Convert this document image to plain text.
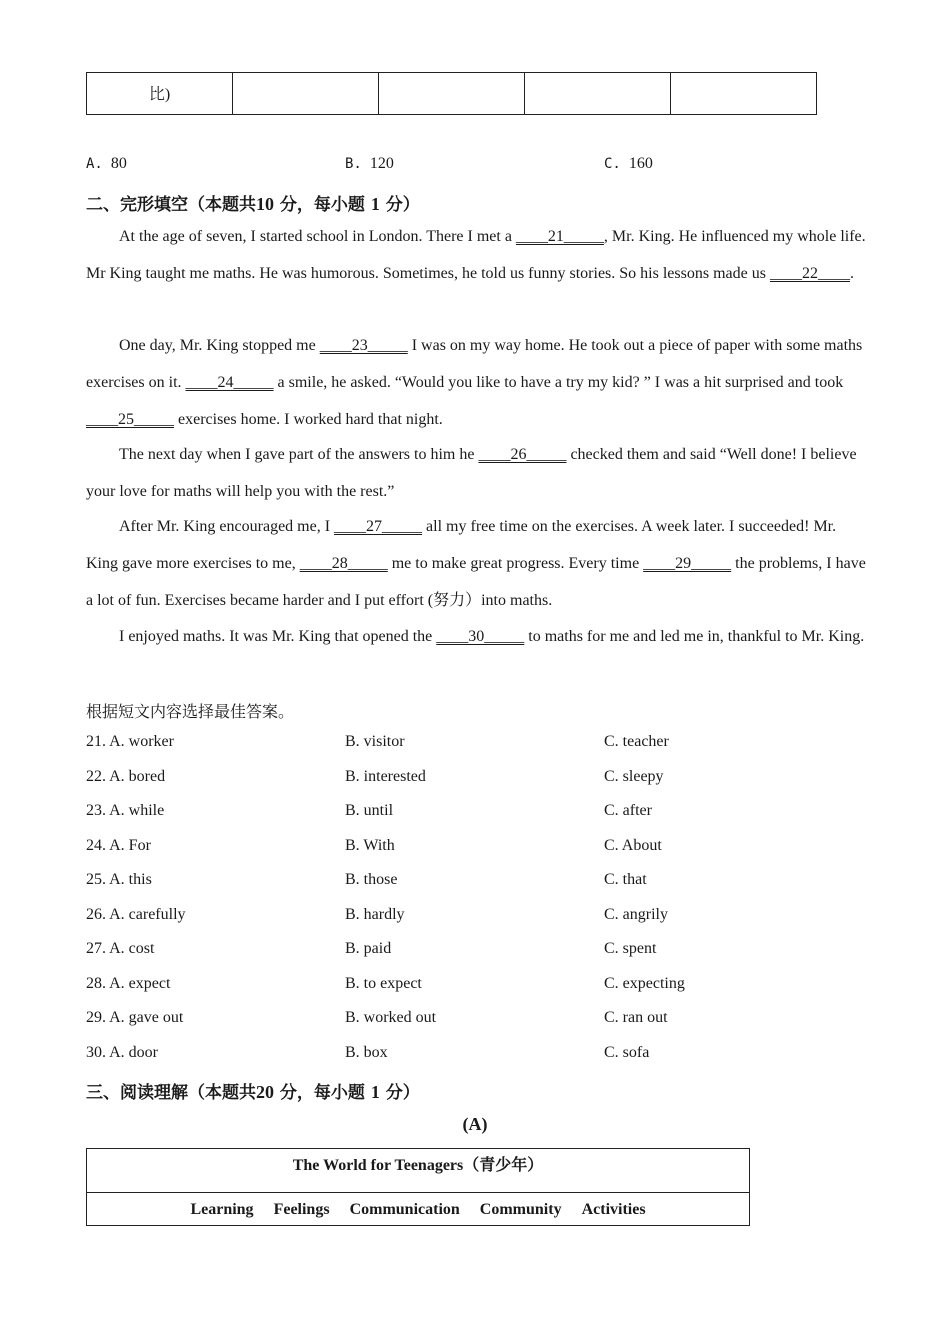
比)				
A. 80	B. 120	C. 160
二、完形填空（本题共10 分，每小题 1 分）
At the age of seven, I started school in London. There I met a ____21_____, Mr. King. He influenced my whole life. Mr King taught me maths. He was humorous. Sometimes, he told us funny stories. So his lessons made us ____22____.
One day, Mr. King stopped me ____23_____ I was on my way home. He took out a piece of paper with some maths exercises on it. ____24_____ a smile, he asked. “Would you like to have a try my kid? ” I was a hit surprised and took ____25_____ exercises home. I worked hard that night.
The next day when I gave part of the answers to him he ____26_____ checked them and said “Well done! I believe your love for maths will help you with the rest.”
After Mr. King encouraged me, I ____27_____ all my free time on the exercises. A week later. I succeeded! Mr. King gave more exercises to me, ____28_____ me to make great progress. Every time ____29_____ the problems, I have a lot of fun. Exercises became harder and I put effort (努力）into maths.
I enjoyed maths. It was Mr. King that opened the ____30_____ to maths for me and led me in, thankful to Mr. King.
根据短文内容选择最佳答案。
21. A. worker	B. visitor	C. teacher
22. A. bored	B. interested	C. sleepy
23. A. while	B. until	C. after
24. A. For	B. With	C. About
25. A. this	B. those	C. that
26. A. carefully	B. hardly	C. angrily
27. A. cost	B. paid	C. spent
28. A. expect	B. to expect	C. expecting
29. A. gave out	B. worked out	C. ran out
30. A. door	B. box	C. sofa
三、阅读理解（本题共20 分，每小题 1 分）
(A)
The World for Teenagers（青少年）
Learning Feelings Communication Community Activities
